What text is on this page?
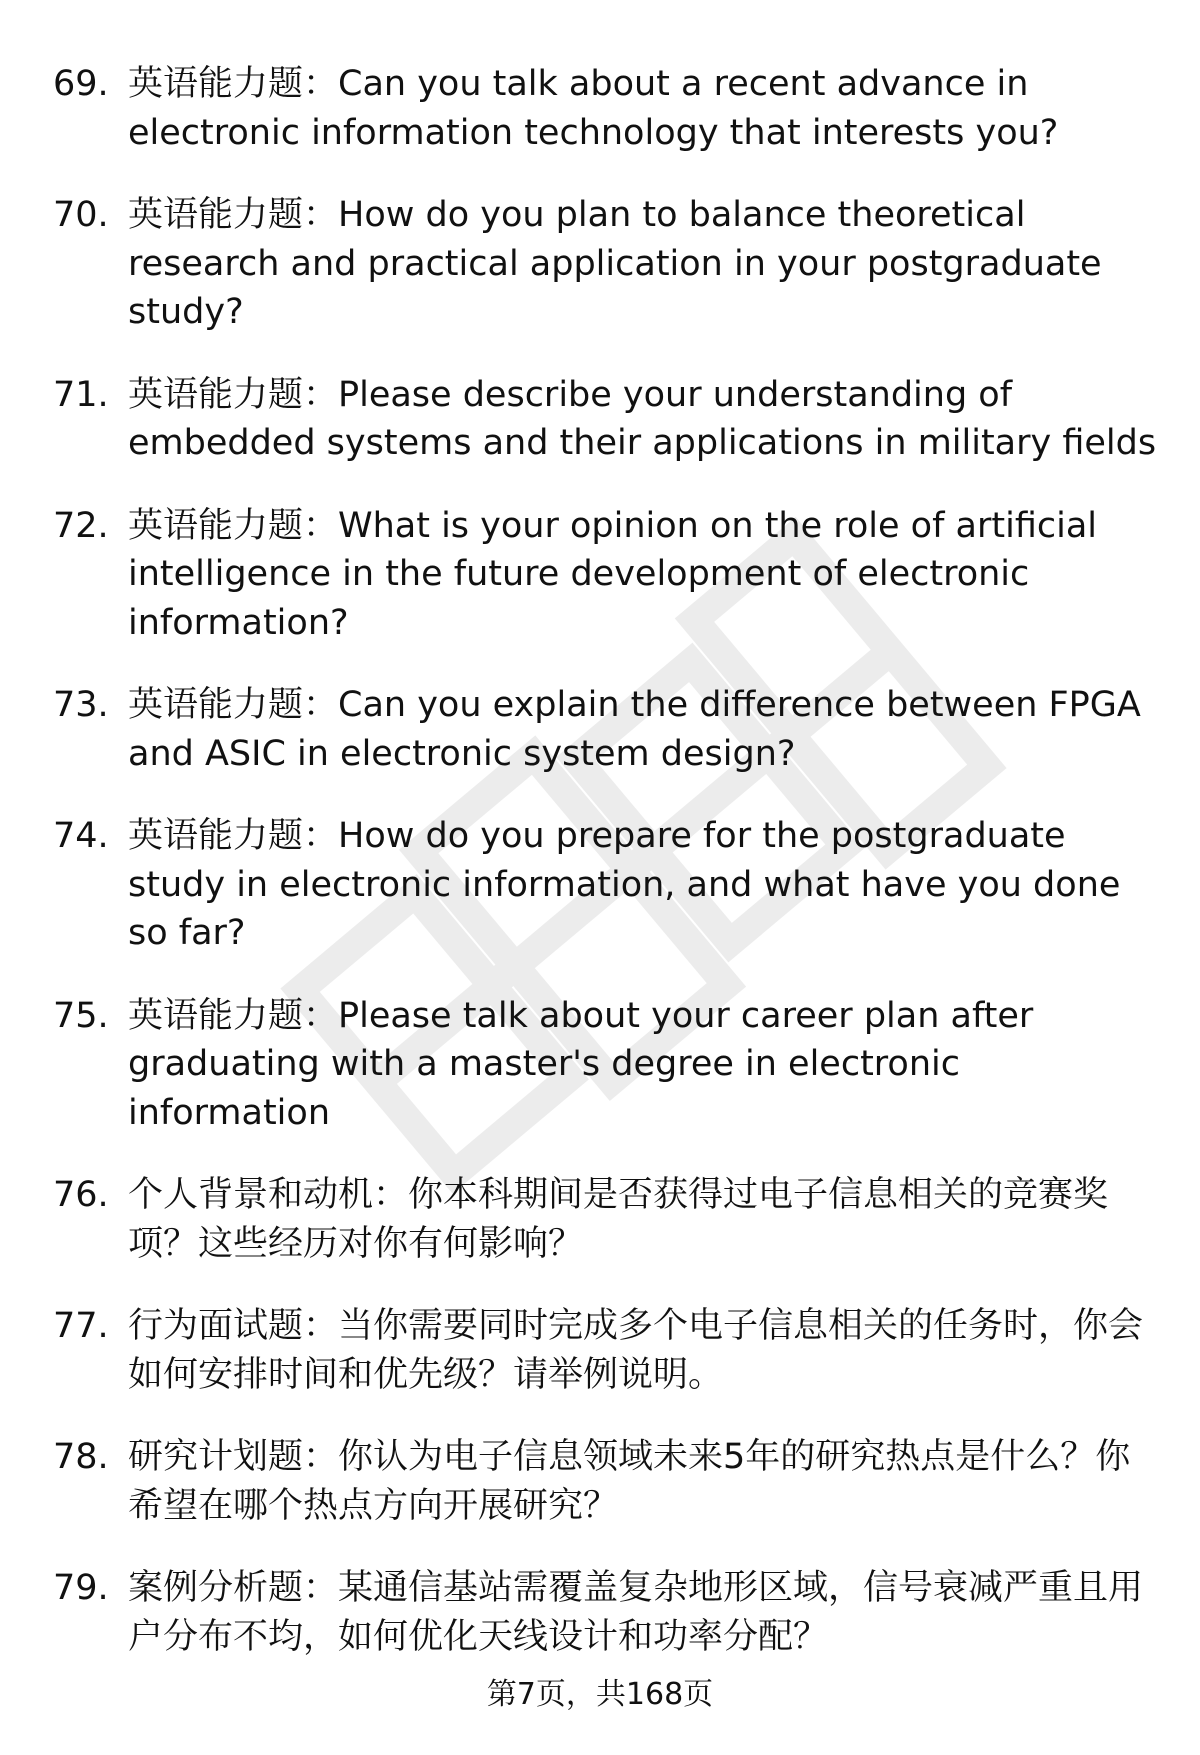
69. 英语能力题：Can you talk about a recent advance in electronic information technology that interests you?
70. 英语能力题：How do you plan to balance theoretical research and practical application in your postgraduate study?
71. 英语能力题：Please describe your understanding of embedded systems and their applications in military fields
72. 英语能力题：What is your opinion on the role of artificial intelligence in the future development of electronic information?
73. 英语能力题：Can you explain the difference between FPGA and ASIC in electronic system design?
74. 英语能力题：How do you prepare for the postgraduate study in electronic information, and what have you done so far?
75. 英语能力题：Please talk about your career plan after graduating with a master's degree in electronic information
76. 个人背景和动机：你本科期间是否获得过电子信息相关的竞赛奖项？这些经历对你有何影响？
77. 行为面试题：当你需要同时完成多个电子信息相关的任务时，你会如何安排时间和优先级？请举例说明。
78. 研究计划题：你认为电子信息领域未来5年的研究热点是什么？你希望在哪个热点方向开展研究？
79. 案例分析题：某通信基站需覆盖复杂地形区域，信号衰减严重且用户分布不均，如何优化天线设计和功率分配？
第7页，共168页
